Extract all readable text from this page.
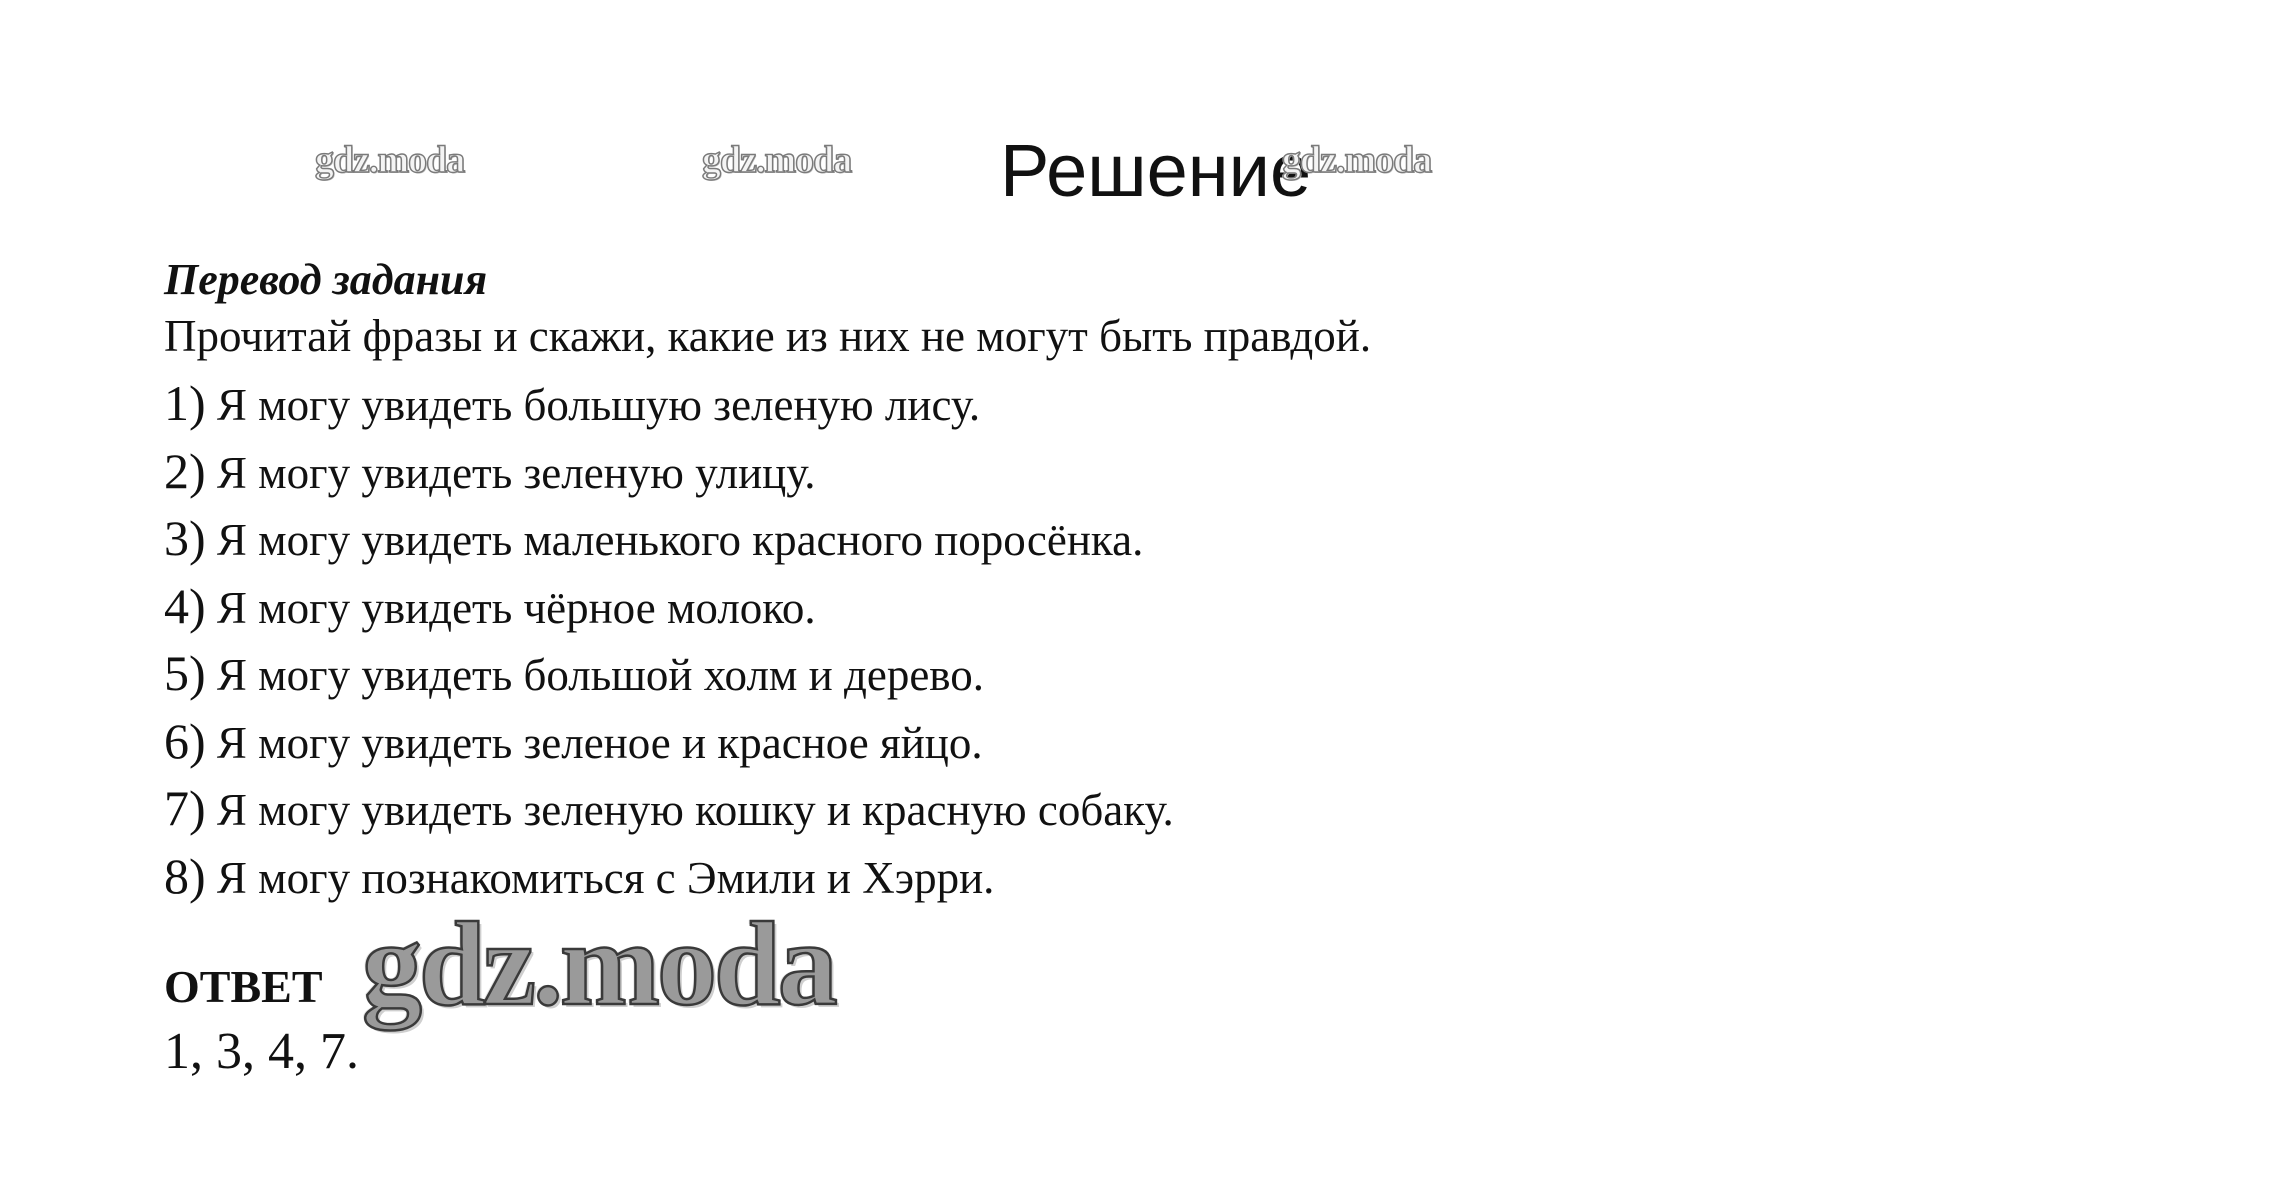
gdz.moda	gdz.moda Решение
gdz.moda
Перевод задания
Прочитай фразы и скажи, какие из них не могут быть правдой.
1) Я могу увидеть большую зеленую лису.
2) Я могу увидеть зеленую улицу.
3) Я могу увидеть маленького красного поросёнка.
4) Я могу увидеть чёрное молоко.
5) Я могу увидеть большой холм и дерево.
6) Я могу увидеть зеленое и красное яйцо.
7) Я могу увидеть зеленую кошку и красную собаку.
8) Я могу познакомиться с Эмили и Хэрри.
ОТВЕТ gdz.moda
1, 3, 4, 7.
